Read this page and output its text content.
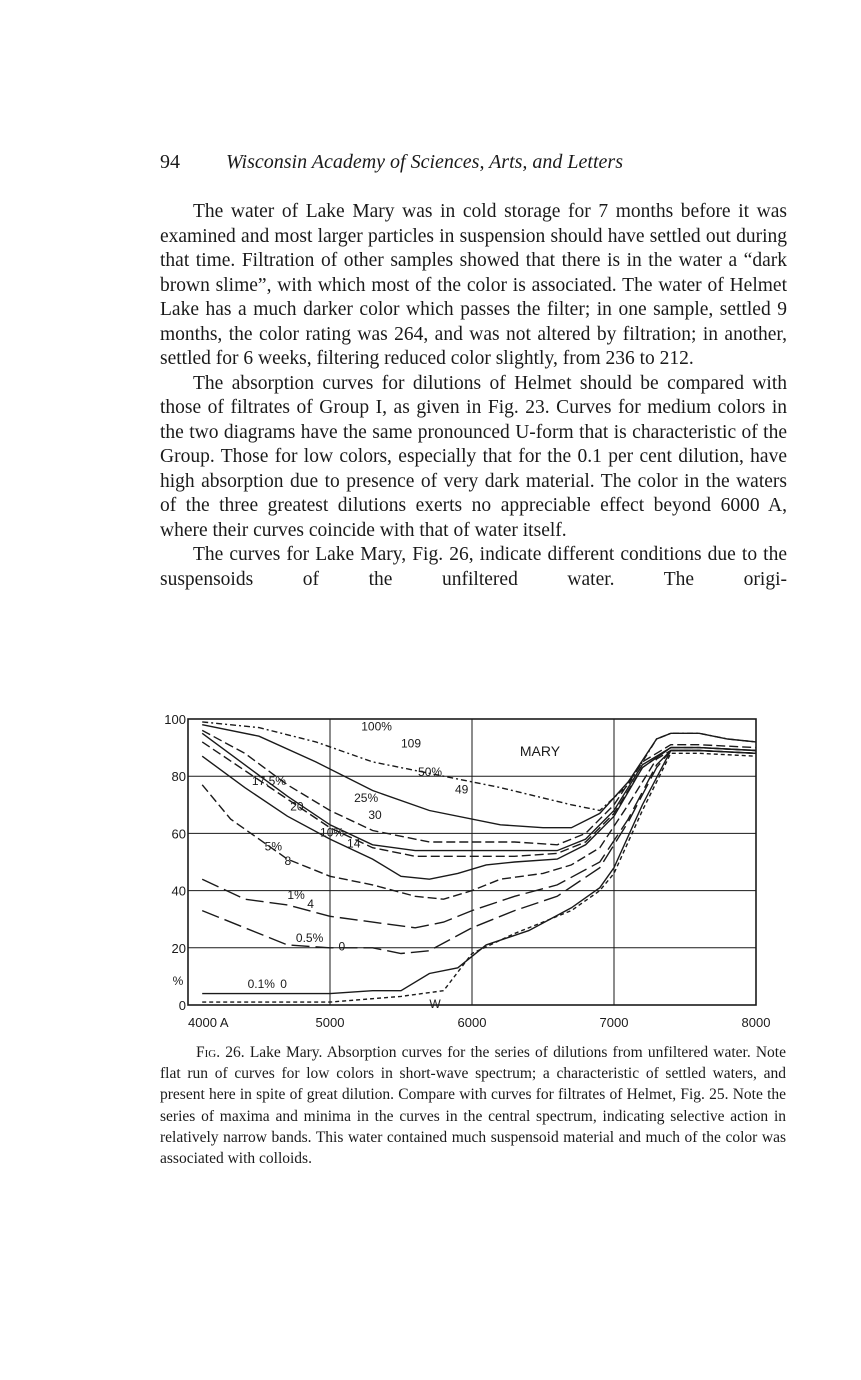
94 Wisconsin Academy of Sciences, Arts, and Letters

The water of Lake Mary was in cold storage for 7 months before it was examined and most larger particles in suspension should have settled out during that time. Filtration of other samples showed that there is in the water a “dark brown slime”, with which most of the color is associated. The water of Helmet Lake has a much darker color which passes the filter; in one sample, settled 9 months, the color rating was 264, and was not altered by filtration; in another, settled for 6 weeks, filtering reduced color slightly, from 236 to 212.

The absorption curves for dilutions of Helmet should be compared with those of filtrates of Group I, as given in Fig. 23. Curves for medium colors in the two diagrams have the same pronounced U-form that is characteristic of the Group. Those for low colors, especially that for the 0.1 per cent dilution, have high absorption due to presence of very dark material. The color in the waters of the three greatest dilutions exerts no appreciable effect beyond 6000 A, where their curves coincide with that of water itself.

The curves for Lake Mary, Fig. 26, indicate different conditions due to the suspensoids of the unfiltered water. The origi-

4000 A	5000	6000	7000	8000
100
80
60
40
20
0
100%
109
50%
49
25%
30
17.5%
20
10%
14
5%
8
1%
4
0.5%
0
0.1% 0
W
MARY
%

Fig. 26. Lake Mary. Absorption curves for the series of dilutions from unfiltered water. Note flat run of curves for low colors in short-wave spectrum; a characteristic of settled waters, and present here in spite of great dilution. Compare with curves for filtrates of Helmet, Fig. 25. Note the series of maxima and minima in the curves in the central spectrum, indicating selective action in relatively narrow bands. This water contained much suspensoid material and much of the color was associated with colloids.
